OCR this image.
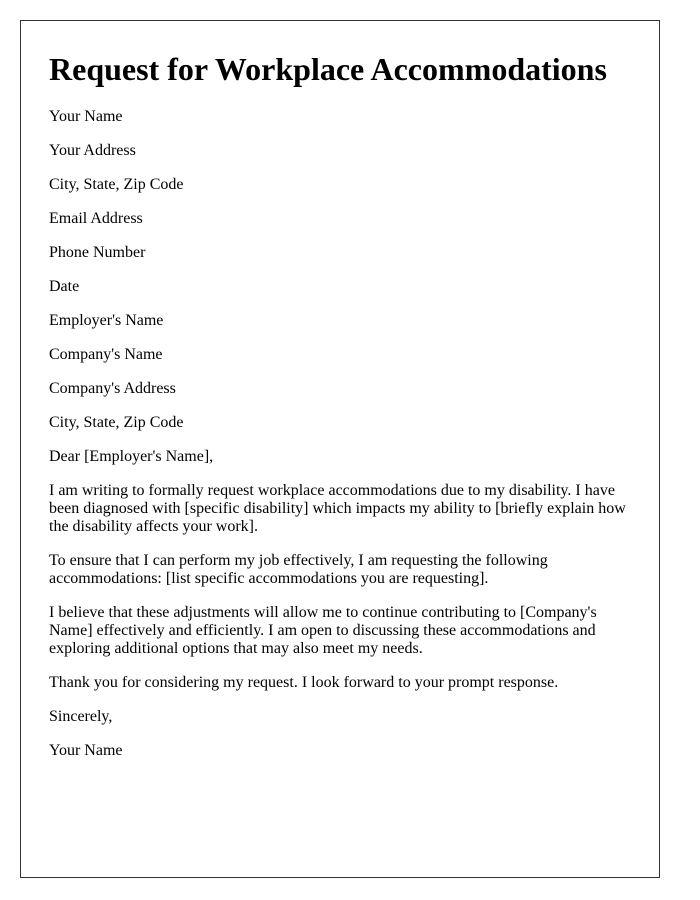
Request for Workplace Accommodations

Your Name

Your Address

City, State, Zip Code

Email Address

Phone Number

Date

Employer's Name

Company's Name

Company's Address

City, State, Zip Code

Dear [Employer's Name],

I am writing to formally request workplace accommodations due to my disability. I have been diagnosed with [specific disability] which impacts my ability to [briefly explain how the disability affects your work].

To ensure that I can perform my job effectively, I am requesting the following accommodations: [list specific accommodations you are requesting].

I believe that these adjustments will allow me to continue contributing to [Company's Name] effectively and efficiently. I am open to discussing these accommodations and exploring additional options that may also meet my needs.

Thank you for considering my request. I look forward to your prompt response.

Sincerely,

Your Name
